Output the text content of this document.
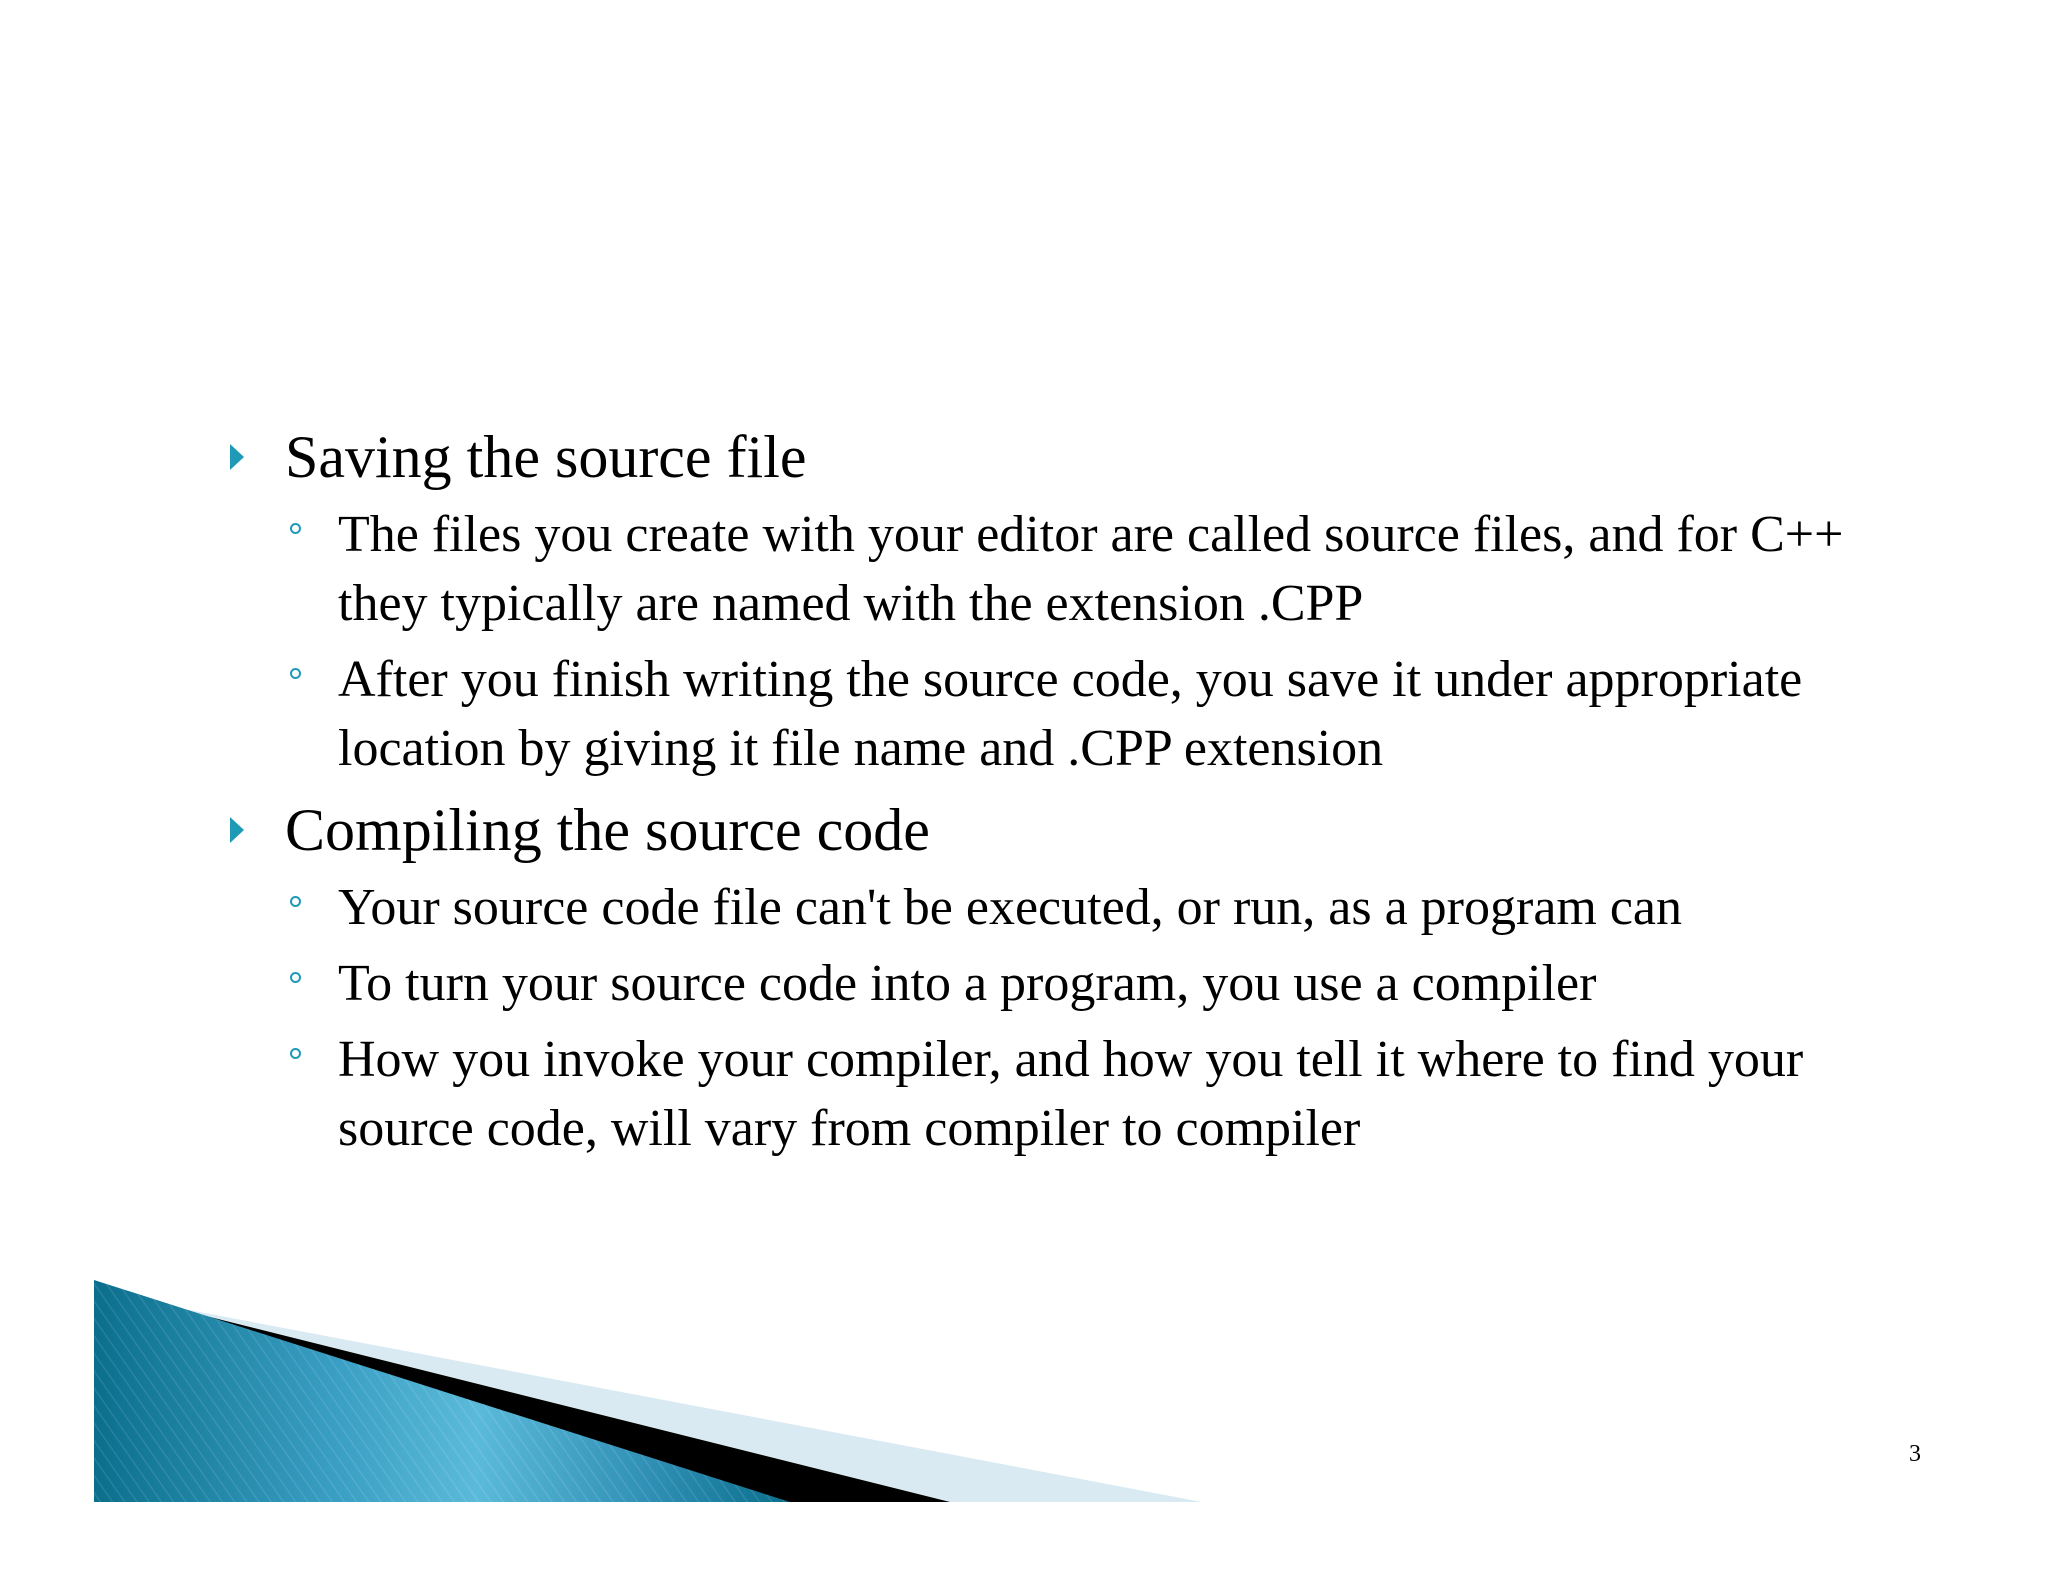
Saving the source file
The files you create with your editor are called source files, and for C++ they typically are named with the extension .CPP
After you finish writing the source code, you save it under appropriate location by giving it file name and .CPP extension
Compiling the source code
Your source code file can't be executed, or run, as a program can
To turn your source code into a program, you use a compiler
How you invoke your compiler, and how you tell it where to find your source code, will vary from compiler to compiler
3
